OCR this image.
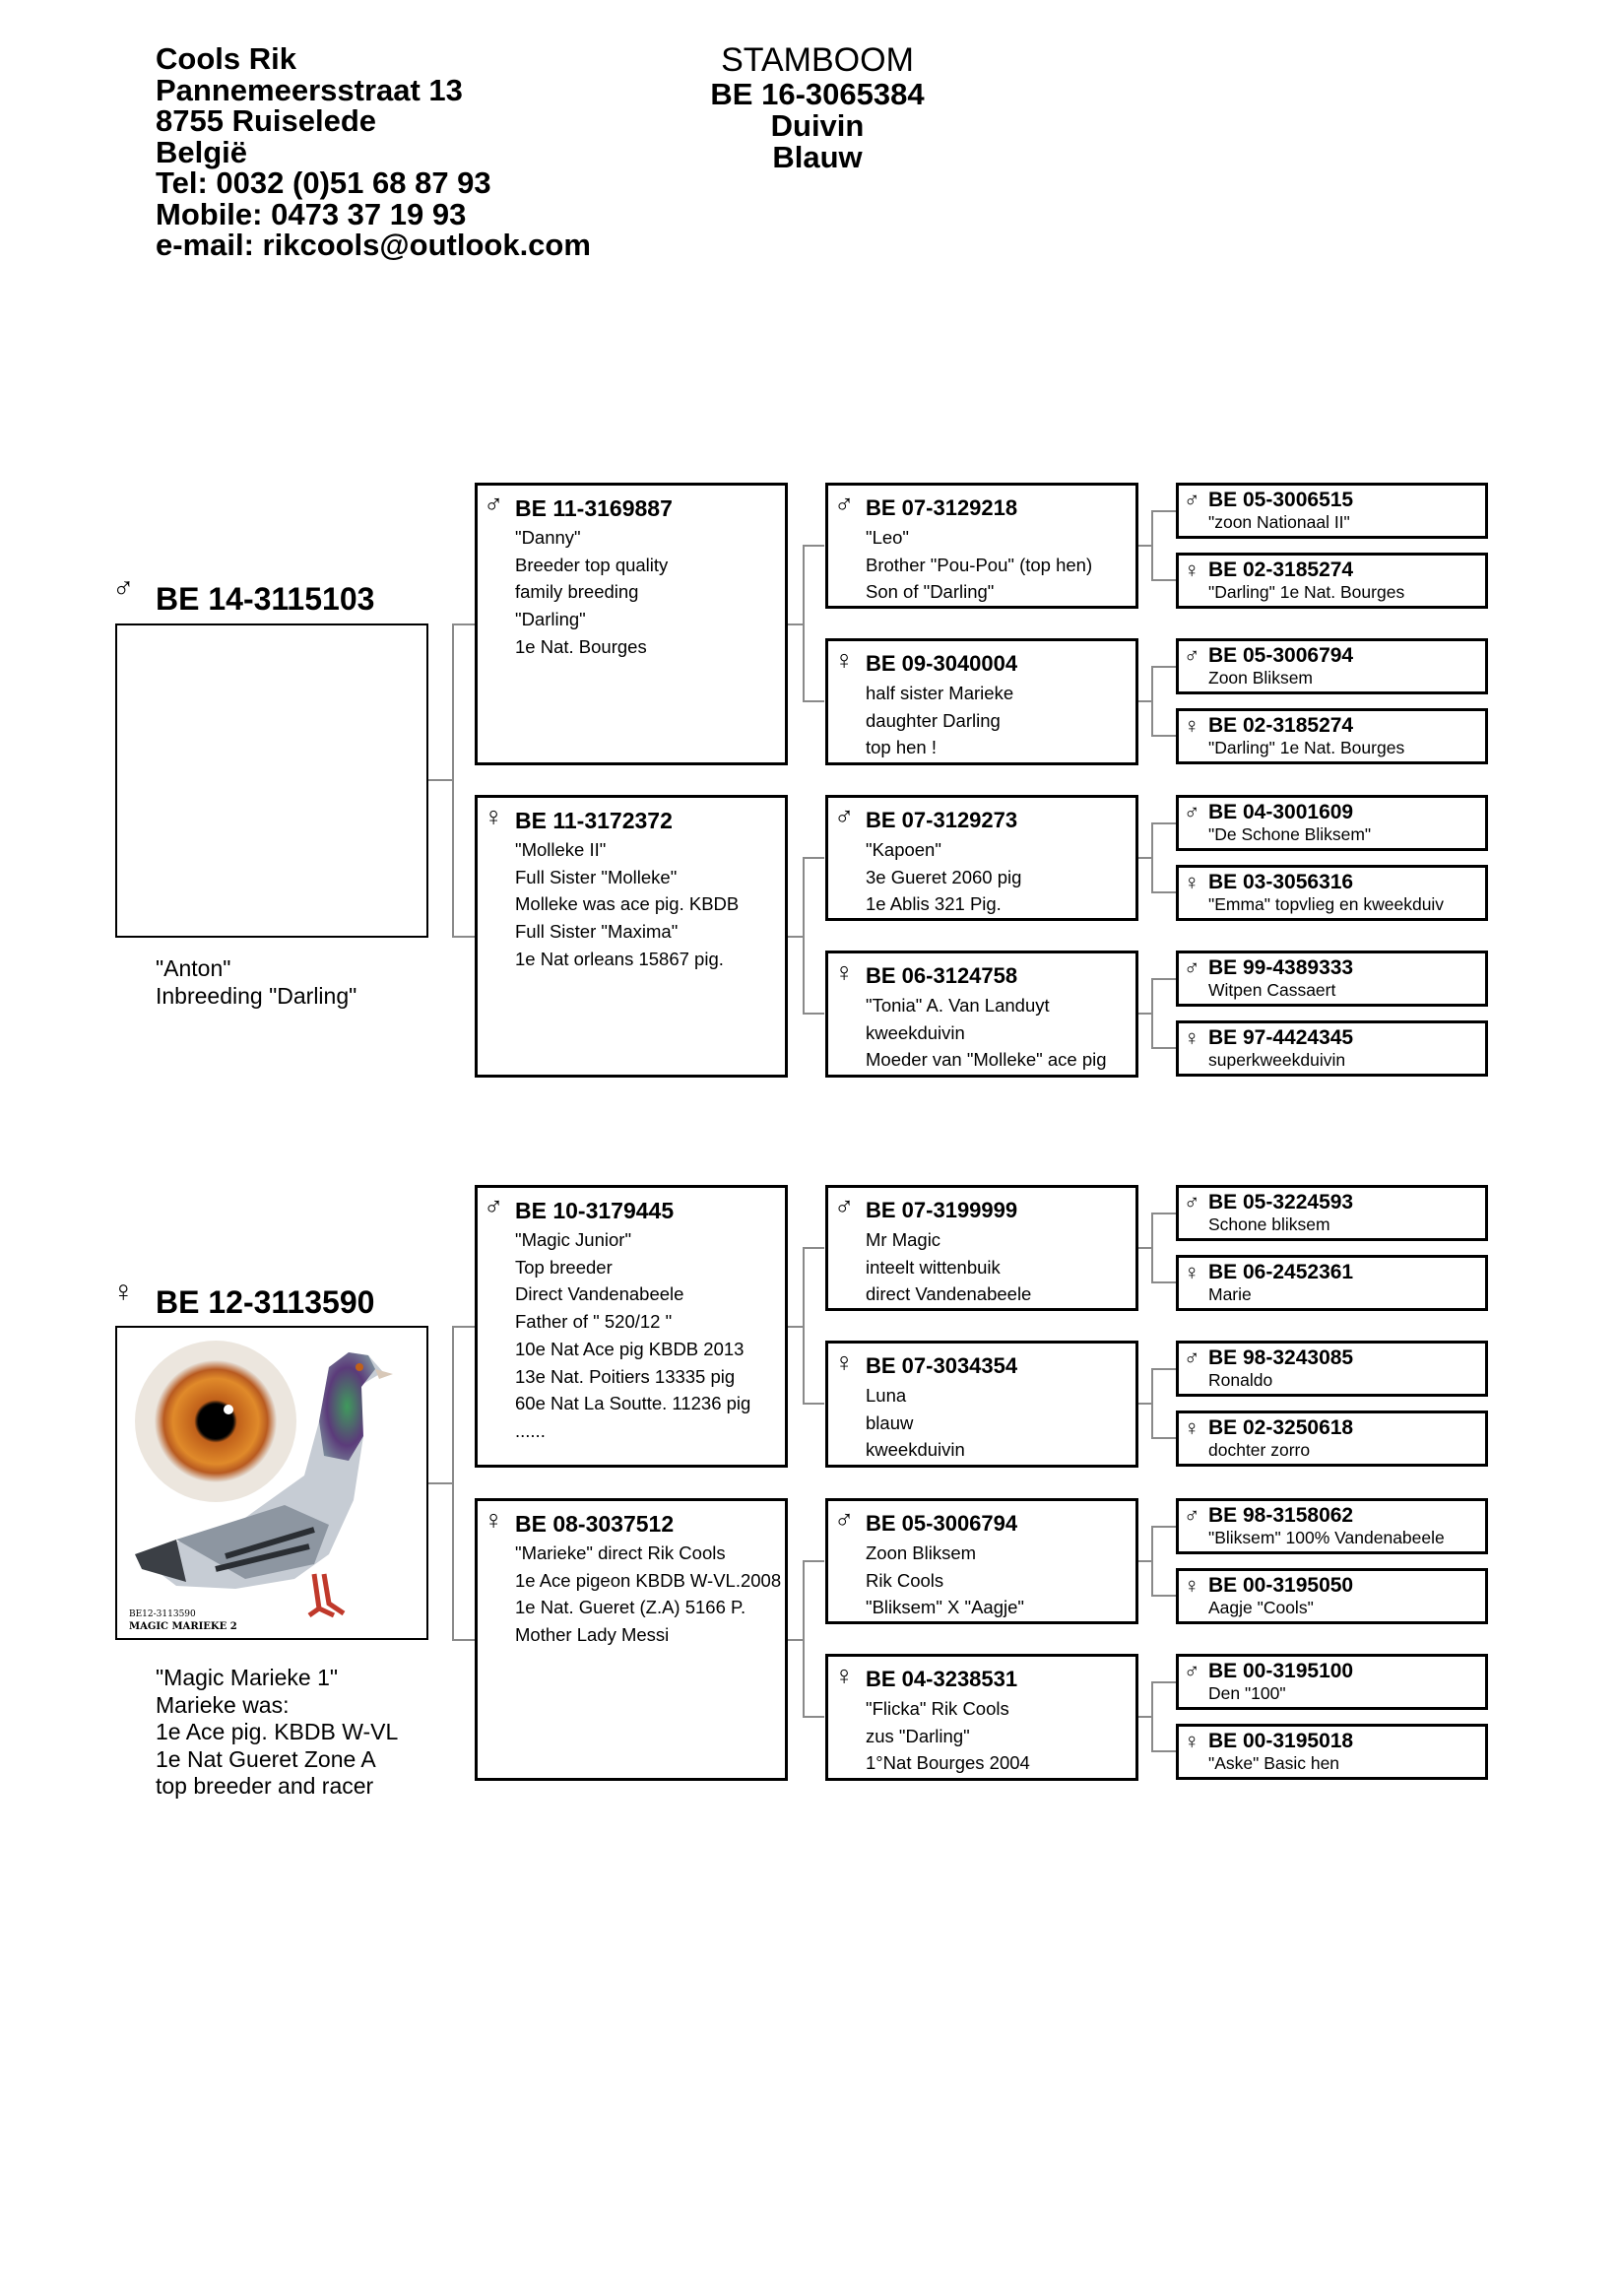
Cools Rik
Pannemeersstraat 13
8755 Ruiselede
België
Tel: 0032 (0)51 68 87 93
Mobile: 0473 37 19 93
e-mail: rikcools@outlook.com
STAMBOOM
BE 16-3065384
Duivin
Blauw
♂ BE 14-3115103
"Anton"
Inbreeding "Darling"
♀ BE 12-3113590
BE12-3113590
MAGIC MARIEKE 2
"Magic Marieke 1"
Marieke was:
1e Ace pig. KBDB W-VL
1e Nat Gueret Zone A
top breeder and racer
♂ BE 11-3169887
"Danny"
Breeder top quality
family breeding
"Darling"
1e Nat. Bourges
♀ BE 11-3172372
"Molleke II"
Full Sister "Molleke"
Molleke was ace pig. KBDB
Full Sister "Maxima"
1e Nat orleans 15867 pig.
♂ BE 10-3179445
"Magic Junior"
Top breeder
Direct Vandenabeele
Father of " 520/12 "
10e Nat Ace pig KBDB 2013
13e Nat. Poitiers 13335 pig
60e Nat La Soutte. 11236 pig
......
♀ BE 08-3037512
"Marieke" direct Rik Cools
1e Ace pigeon KBDB W-VL.2008
1e Nat. Gueret (Z.A) 5166 P.
Mother Lady Messi
♂ BE 07-3129218
"Leo"
Brother "Pou-Pou" (top hen)
Son of "Darling"
♀ BE 09-3040004
half sister Marieke
daughter Darling
top hen !
♂ BE 07-3129273
"Kapoen"
3e Gueret 2060 pig
1e Ablis 321 Pig.
♀ BE 06-3124758
"Tonia" A. Van Landuyt
kweekduivin
Moeder van "Molleke" ace pig
♂ BE 07-3199999
Mr Magic
inteelt wittenbuik
direct Vandenabeele
♀ BE 07-3034354
Luna
blauw
kweekduivin
♂ BE 05-3006794
Zoon Bliksem
Rik Cools
"Bliksem" X "Aagje"
♀ BE 04-3238531
"Flicka" Rik Cools
zus "Darling"
1°Nat Bourges 2004
♂ BE 05-3006515
"zoon Nationaal II"
♀ BE 02-3185274
"Darling" 1e Nat. Bourges
♂ BE 05-3006794
Zoon Bliksem
♀ BE 02-3185274
"Darling" 1e Nat. Bourges
♂ BE 04-3001609
"De Schone Bliksem"
♀ BE 03-3056316
"Emma" topvlieg en kweekduiv
♂ BE 99-4389333
Witpen Cassaert
♀ BE 97-4424345
superkweekduivin
♂ BE 05-3224593
Schone bliksem
♀ BE 06-2452361
Marie
♂ BE 98-3243085
Ronaldo
♀ BE 02-3250618
dochter zorro
♂ BE 98-3158062
"Bliksem" 100% Vandenabeele
♀ BE 00-3195050
Aagje "Cools"
♂ BE 00-3195100
Den "100"
♀ BE 00-3195018
"Aske" Basic hen
